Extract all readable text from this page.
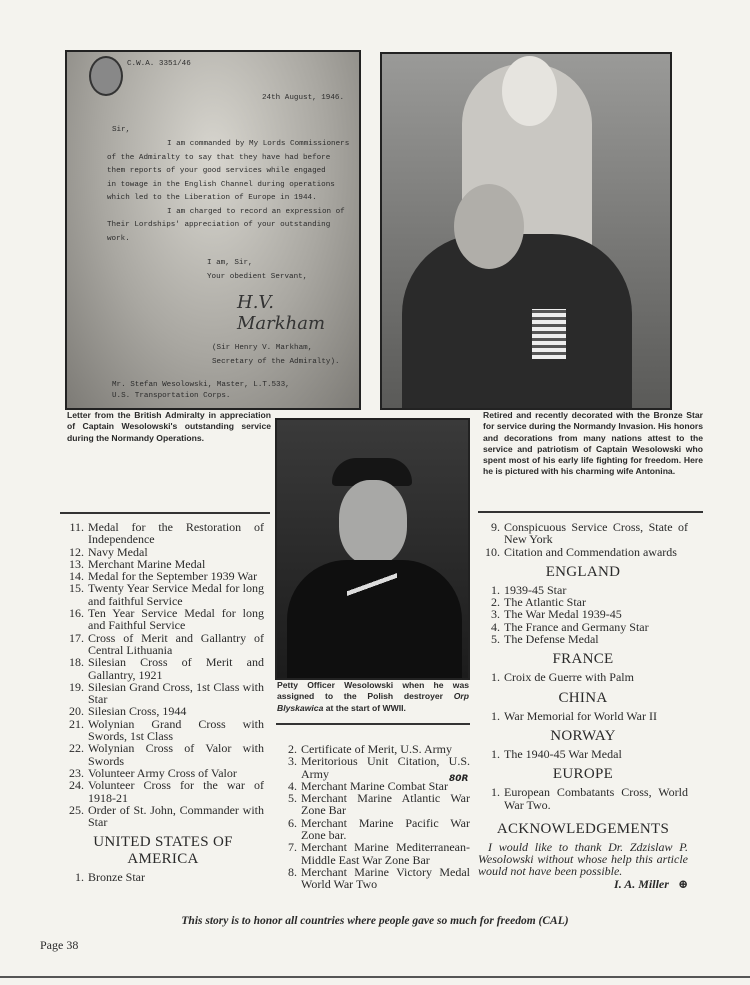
C.W.A. 3351/46
24th August, 1946.
Sir,
I am commanded by My Lords Commissioners
of the Admiralty to say that they have had before
them reports of your good services while engaged
in towage in the English Channel during operations
which led to the Liberation of Europe in 1944.
I am charged to record an expression of
Their Lordships' appreciation of your outstanding
work.
I am, Sir,
Your obedient Servant,
H.V. Markham
(Sir Henry V. Markham,
Secretary of the Admiralty).
Mr. Stefan Wesolowski, Master, L.T.533,
U.S. Transportation Corps.
Letter from the British Admiralty in appreciation of Captain Wesolowski's outstanding service during the Normandy Operations.
Retired and recently decorated with the Bronze Star for service during the Normandy Invasion. His honors and decorations from many nations attest to the service and patriotism of Captain Wesolowski who spent most of his early life fighting for freedom. Here he is pictured with his charming wife Antonina.
Petty Officer Wesolowski when he was assigned to the Polish destroyer Orp Blyskawica at the start of WWII.
11. Medal for the Restoration of Independence
12. Navy Medal
13. Merchant Marine Medal
14. Medal for the September 1939 War
15. Twenty Year Service Medal for long and faithful Service
16. Ten Year Service Medal for long and Faithful Service
17. Cross of Merit and Gallantry of Central Lithuania
18. Silesian Cross of Merit and Gallantry, 1921
19. Silesian Grand Cross, 1st Class with Star
20. Silesian Cross, 1944
21. Wolynian Grand Cross with Swords, 1st Class
22. Wolynian Cross of Valor with Swords
23. Volunteer Army Cross of Valor
24. Volunteer Cross for the war of 1918-21
25. Order of St. John, Commander with Star
UNITED STATES OF AMERICA
1. Bronze Star
2. Certificate of Merit, U.S. Army
3. Meritorious Unit Citation, U.S. Army
4. Merchant Marine Combat Star
5. Merchant Marine Atlantic War Zone Bar
6. Merchant Marine Pacific War Zone bar.
7. Merchant Marine Mediterranean-Middle East War Zone Bar
8. Merchant Marine Victory Medal World War Two
80R
9. Conspicuous Service Cross, State of New York
10. Citation and Commendation awards
ENGLAND
1. 1939-45 Star
2. The Atlantic Star
3. The War Medal 1939-45
4. The France and Germany Star
5. The Defense Medal
FRANCE
1. Croix de Guerre with Palm
CHINA
1. War Memorial for World War II
NORWAY
1. The 1940-45 War Medal
EUROPE
1. European Combatants Cross, World War Two.
ACKNOWLEDGEMENTS
I would like to thank Dr. Zdzislaw P. Wesolowski without whose help this article would not have been possible.
I. A. Miller ⊕
This story is to honor all countries where people gave so much for freedom (CAL)
Page 38
